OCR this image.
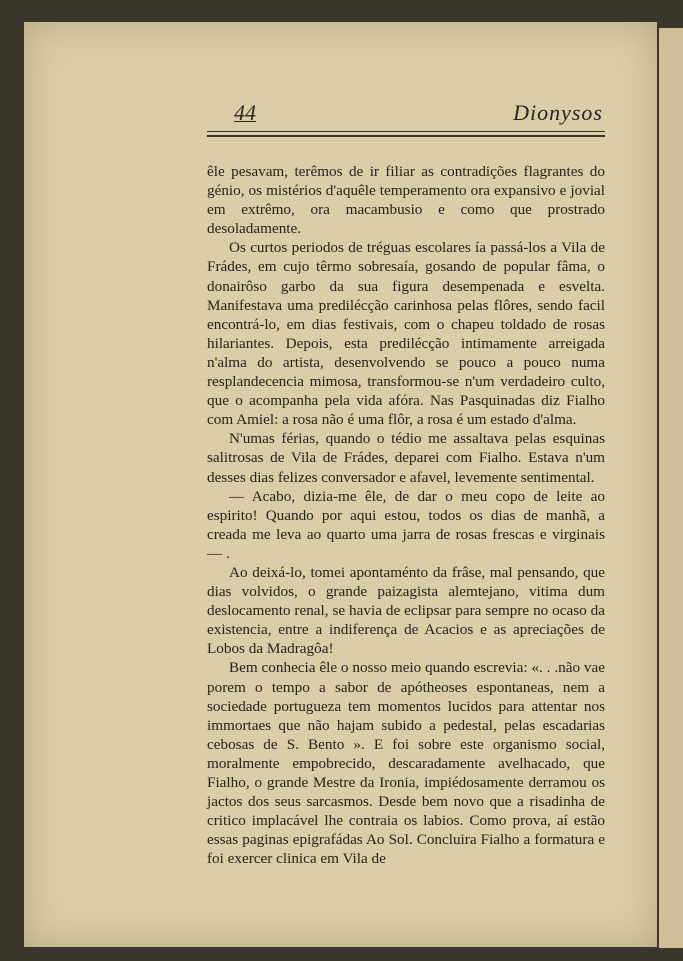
44	Dionysos

êle pesavam, terêmos de ir filiar as contradições flagrantes do génio, os mistérios d'aquêle temperamento ora expansivo e jovial em extrêmo, ora macambusio e como que prostrado desoladamente.

Os curtos periodos de tréguas escolares ía passá-los a Vila de Frádes, em cujo têrmo sobresaía, gosando de popular fâma, o donairôso garbo da sua figura desempenada e esvelta. Manifestava uma predilécção carinhosa pelas flôres, sendo facil encontrá-lo, em dias festivais, com o chapeu toldado de rosas hilariantes. Depois, esta predilécção intimamente arreigada n'alma do artista, desenvolvendo se pouco a pouco numa resplandecencia mimosa, transformou-se n'um verdadeiro culto, que o acompanha pela vida afóra. Nas Pasquinadas diz Fialho com Amiel: a rosa não é uma flôr, a rosa é um estado d'alma.

N'umas férias, quando o tédio me assaltava pelas esquinas salitrosas de Vila de Frádes, deparei com Fialho. Estava n'um desses dias felizes conversador e afavel, levemente sentimental.

— Acabo, dizia-me êle, de dar o meu copo de leite ao espirito! Quando por aqui estou, todos os dias de manhã, a creada me leva ao quarto uma jarra de rosas frescas e virginais — .

Ao deixá-lo, tomei apontaménto da frâse, mal pensando, que dias volvidos, o grande paizagista alemtejano, vitima dum deslocamento renal, se havia de eclipsar para sempre no ocaso da existencia, entre a indiferença de Acacios e as apreciações de Lobos da Madragôa!

Bem conhecia êle o nosso meio quando escrevia: «. . .não vae porem o tempo a sabor de apótheoses espontaneas, nem a sociedade portugueza tem momentos lucidos para attentar nos immortaes que não hajam subido a pedestal, pelas escadarias cebosas de S. Bento ». E foi sobre este organismo social, moralmente empobrecido, descaradamente avelhacado, que Fialho, o grande Mestre da Ironia, impiédosamente derramou os jactos dos seus sarcasmos. Desde bem novo que a risadinha de critico implacável lhe contraia os labios. Como prova, aí estão essas paginas epigrafádas Ao Sol. Concluira Fialho a formatura e foi exercer clinica em Vila de
